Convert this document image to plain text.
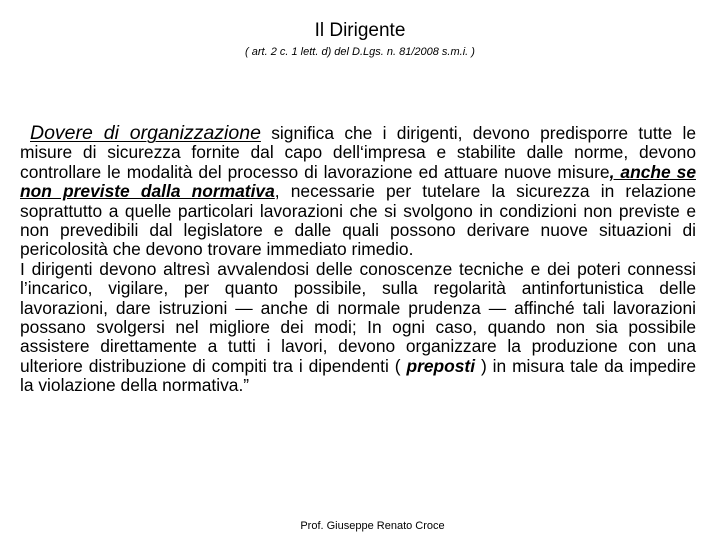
Il Dirigente
( art. 2 c. 1 lett. d) del D.Lgs. n. 81/2008 s.m.i. )

Dovere di organizzazione significa che i dirigenti, devono predisporre tutte le misure di sicurezza fornite dal capo dell‘impresa e stabilite dalle norme, devono controllare le modalità del processo di lavorazione ed attuare nuove misure, anche se non previste dalla normativa, necessarie per tutelare la sicurezza in relazione soprattutto a quelle particolari lavorazioni che si svolgono in condizioni non previste e non prevedibili dal legislatore e dalle quali possono derivare nuove situazioni di pericolosità che devono trovare immediato rimedio.

I dirigenti devono altresì avvalendosi delle conoscenze tecniche e dei poteri connessi l’incarico, vigilare, per quanto possibile, sulla regolarità antinfortunistica delle lavorazioni, dare istruzioni — anche di normale prudenza — affinché tali lavorazioni possano svolgersi nel migliore dei modi; In ogni caso, quando non sia possibile assistere direttamente a tutti i lavori, devono organizzare la produzione con una ulteriore distribuzione di compiti tra i dipendenti ( preposti ) in misura tale da impedire la violazione della normativa.”

Prof. Giuseppe Renato Croce
